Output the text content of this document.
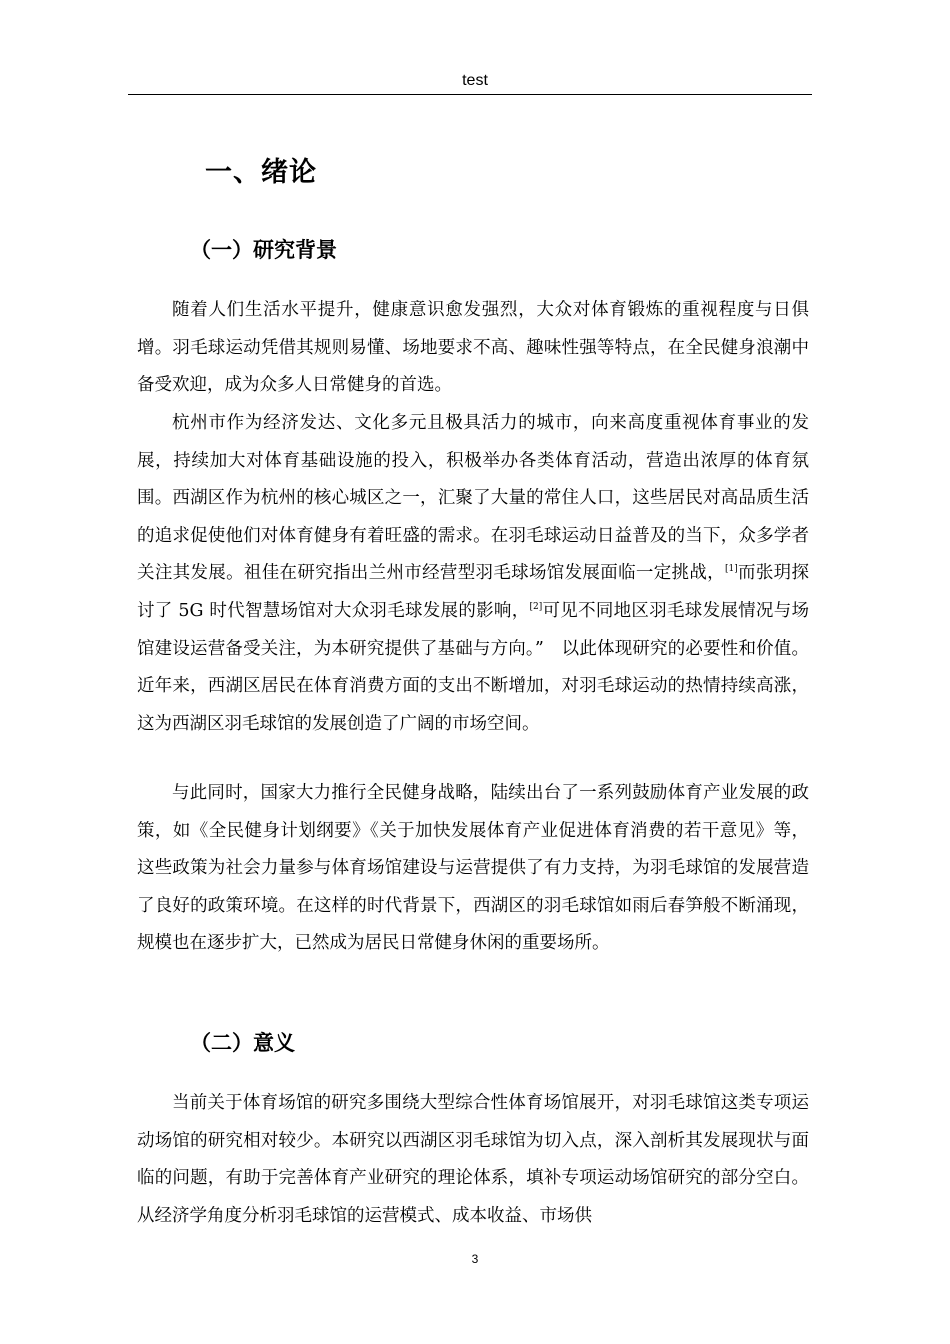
test
一、绪论
（一）研究背景

随着人们生活水平提升，健康意识愈发强烈，大众对体育锻炼的重视程度与日俱增。羽毛球运动凭借其规则易懂、场地要求不高、趣味性强等特点，在全民健身浪潮中备受欢迎，成为众多人日常健身的首选。

杭州市作为经济发达、文化多元且极具活力的城市，向来高度重视体育事业的发展，持续加大对体育基础设施的投入，积极举办各类体育活动，营造出浓厚的体育氛围。西湖区作为杭州的核心城区之一，汇聚了大量的常住人口，这些居民对高品质生活的追求促使他们对体育健身有着旺盛的需求。在羽毛球运动日益普及的当下，众多学者关注其发展。祖佳在研究指出兰州市经营型羽毛球场馆发展面临一定挑战，[1]而张玥探讨了 5G 时代智慧场馆对大众羽毛球发展的影响，[2]可见不同地区羽毛球发展情况与场馆建设运营备受关注，为本研究提供了基础与方向。”　以此体现研究的必要性和价值。近年来，西湖区居民在体育消费方面的支出不断增加，对羽毛球运动的热情持续高涨，这为西湖区羽毛球馆的发展创造了广阔的市场空间。

与此同时，国家大力推行全民健身战略，陆续出台了一系列鼓励体育产业发展的政策，如《全民健身计划纲要》《关于加快发展体育产业促进体育消费的若干意见》等，这些政策为社会力量参与体育场馆建设与运营提供了有力支持，为羽毛球馆的发展营造了良好的政策环境。在这样的时代背景下，西湖区的羽毛球馆如雨后春笋般不断涌现，规模也在逐步扩大，已然成为居民日常健身休闲的重要场所。

（二）意义

当前关于体育场馆的研究多围绕大型综合性体育场馆展开，对羽毛球馆这类专项运动场馆的研究相对较少。本研究以西湖区羽毛球馆为切入点，深入剖析其发展现状与面临的问题，有助于完善体育产业研究的理论体系，填补专项运动场馆研究的部分空白。从经济学角度分析羽毛球馆的运营模式、成本收益、市场供

3
